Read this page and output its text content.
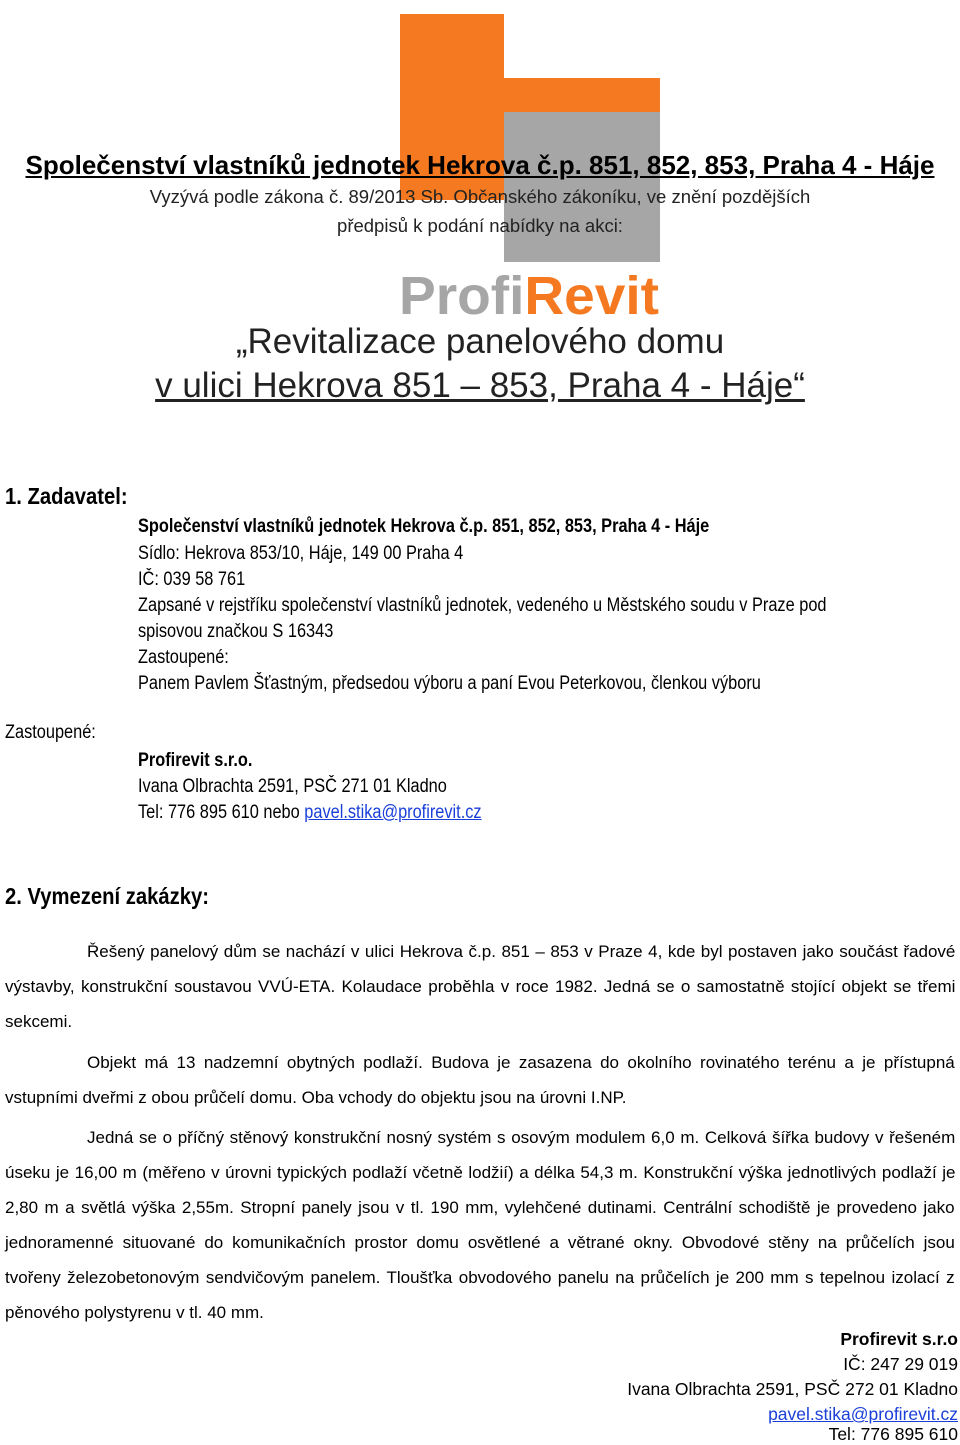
Společenství vlastníků jednotek Hekrova č.p. 851, 852, 853, Praha 4 - Háje
Vyzývá podle zákona č. 89/2013 Sb. Občanského zákoníku, ve znění pozdějších
předpisů k podání nabídky na akci:
ProfiRevit
„Revitalizace panelového domu
v ulici Hekrova 851 – 853, Praha 4 - Háje“
1. Zadavatel:
Společenství vlastníků jednotek Hekrova č.p. 851, 852, 853, Praha 4 - Háje
Sídlo: Hekrova 853/10, Háje, 149 00 Praha 4
IČ: 039 58 761
Zapsané v rejstříku společenství vlastníků jednotek, vedeného u Městského soudu v Praze pod
spisovou značkou S 16343
Zastoupené:
Panem Pavlem Šťastným, předsedou výboru a paní Evou Peterkovou, členkou výboru
Zastoupené:
Profirevit s.r.o.
Ivana Olbrachta 2591, PSČ 271 01 Kladno
Tel: 776 895 610 nebo pavel.stika@profirevit.cz
2. Vymezení zakázky:
Řešený panelový dům se nachází v ulici Hekrova č.p. 851 – 853 v Praze 4, kde byl postaven jako součást řadové
výstavby, konstrukční soustavou VVÚ-ETA. Kolaudace proběhla v roce 1982. Jedná se o samostatně stojící objekt se třemi
sekcemi.
Objekt má 13 nadzemní obytných podlaží. Budova je zasazena do okolního rovinatého terénu a je přístupná
vstupními dveřmi z obou průčelí domu. Oba vchody do objektu jsou na úrovni I.NP.
Jedná se o příčný stěnový konstrukční nosný systém s osovým modulem 6,0 m. Celková šířka budovy v řešeném
úseku je 16,00 m (měřeno v úrovni typických podlaží včetně lodžií) a délka 54,3 m. Konstrukční výška jednotlivých podlaží je
2,80 m a světlá výška 2,55m. Stropní panely jsou v tl. 190 mm, vylehčené dutinami. Centrální schodiště je provedeno jako
jednoramenné situované do komunikačních prostor domu osvětlené a větrané okny. Obvodové stěny na průčelích jsou
tvořeny železobetonovým sendvičovým panelem. Tloušťka obvodového panelu na průčelích je 200 mm s tepelnou izolací z
pěnového polystyrenu v tl. 40 mm.
Profirevit s.r.o
IČ: 247 29 019
Ivana Olbrachta 2591, PSČ 272 01 Kladno
pavel.stika@profirevit.cz
Tel: 776 895 610
